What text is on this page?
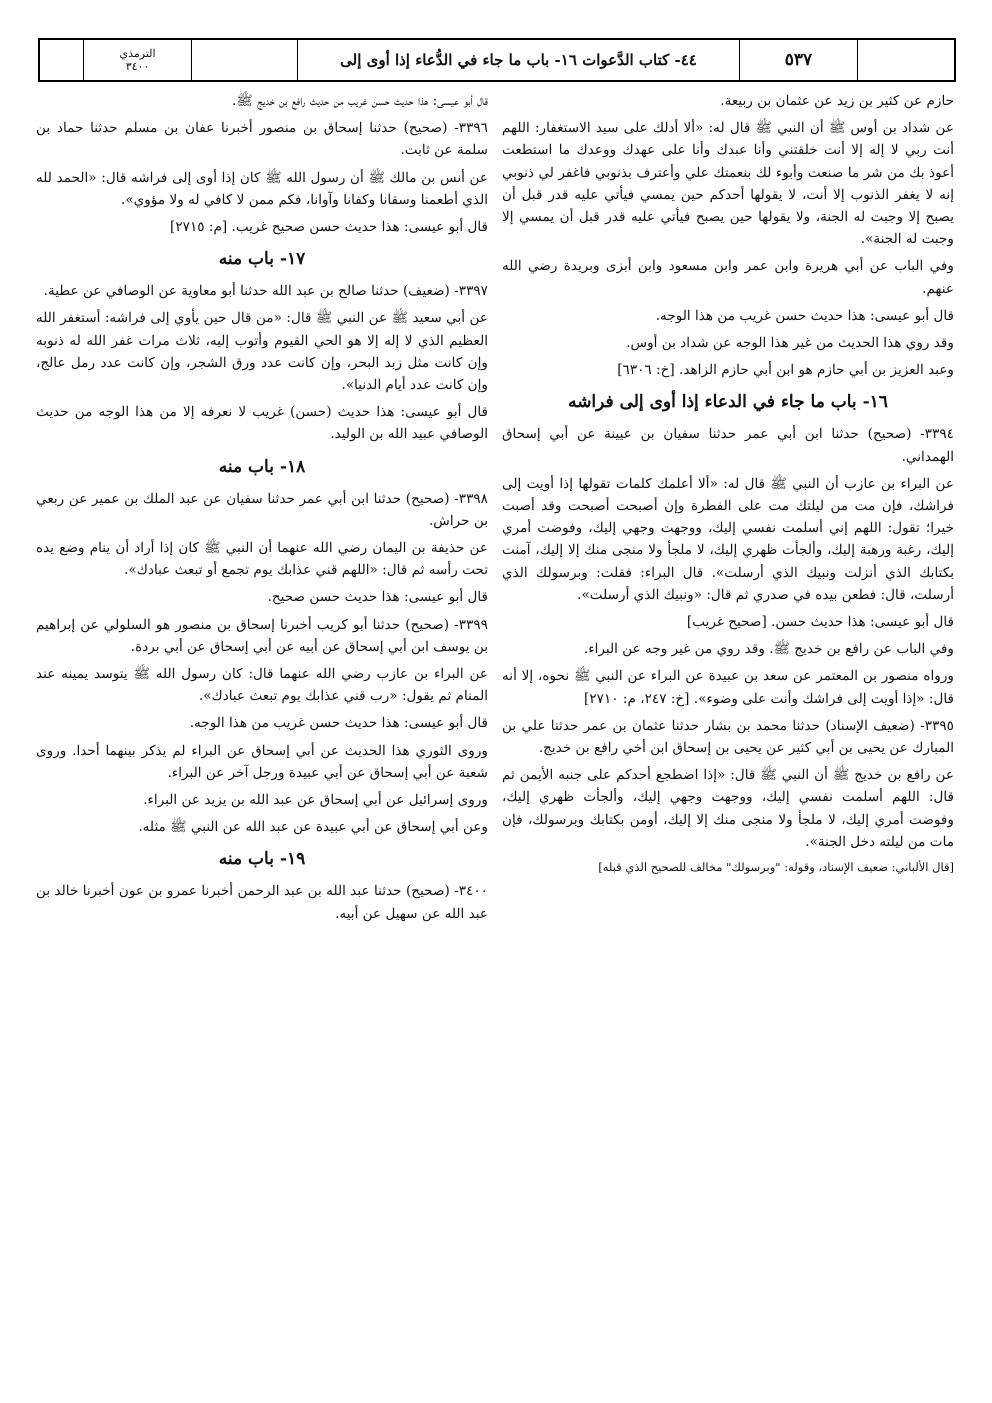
الترمذي
٣٤٠٠	٤٤- كتاب الدَّعوات ١٦- باب ما جاء في الدُّعاء إذا أوى إلى	٥٣٧
حازم عن كثير بن زيد عن عثمان بن ربيعة.
عن شداد بن أوس ﷺ أن النبي ﷺ قال له: «ألا أدلك على سيد الاستغفار: اللهم أنت ربي لا إله إلا أنت خلقتني وأنا عبدك وأنا على عهدك ووعدك ما استطعت أعوذ بك من شر ما صنعت وأبوء لك بنعمتك علي وأعترف بذنوبي فاغفر لي ذنوبي إنه لا يغفر الذنوب إلا أنت، لا يقولها أحدكم حين يمسي فيأتي عليه قدر قبل أن يصبح إلا وجبت له الجنة، ولا يقولها حين يصبح فيأتي عليه قدر قبل أن يمسي إلا وجبت له الجنة».
وفي الباب عن أبي هريرة وابن عمر وابن مسعود وابن أبزى وبريدة رضي الله عنهم.
قال أبو عيسى: هذا حديث حسن غريب من هذا الوجه.
وقد روي هذا الحديث من غير هذا الوجه عن شداد بن أوس.
وعبد العزيز بن أبي حازم هو ابن أبي حازم الزاهد. [خ: ٦٣٠٦]
١٦- باب ما جاء في الدعاء إذا أوى إلى فراشه
٣٣٩٤- (صحيح) حدثنا ابن أبي عمر حدثنا سفيان بن عيينة عن أبي إسحاق الهمداني.
عن البراء بن عازب أن النبي ﷺ قال له: «ألا أعلمك كلمات تقولها إذا أويت إلى فراشك، فإن مت من ليلتك مت على الفطرة وإن أصبحت أصبحت وقد أصبت خيرا؛ تقول: اللهم إني أسلمت نفسي إليك، ووجهت وجهي إليك، وفوضت أمري إليك، رغبة ورهبة إليك، وألجأت ظهري إليك، لا ملجأ ولا منجى منك إلا إليك، آمنت بكتابك الذي أنزلت ونبيك الذي أرسلت». قال البراء: فقلت: وبرسولك الذي أرسلت، قال: فطعن بيده في صدري ثم قال: «ونبيك الذي أرسلت».
قال أبو عيسى: هذا حديث حسن. [صحيح غريب]
وفي الباب عن رافع بن خديج ﷺ. وقد روي من غير وجه عن البراء.
ورواه منصور بن المعتمر عن سعد بن عبيدة عن البراء عن النبي ﷺ نحوه، إلا أنه قال: «إذا أويت إلى فراشك وأنت على وضوء». [خ: ٢٤٧، م: ٢٧١٠]
٣٣٩٥- (ضعيف الإسناد) حدثنا محمد بن بشار حدثنا عثمان بن عمر حدثنا علي بن المبارك عن يحيى بن أبي كثير عن يحيى بن إسحاق ابن أخي رافع بن خديج.
عن رافع بن خديج ﷺ أن النبي ﷺ قال: «إذا اضطجع أحدكم على جنبه الأيمن ثم قال: اللهم أسلمت نفسي إليك، ووجهت وجهي إليك، وألجأت ظهري إليك، وفوضت أمري إليك، لا ملجأ ولا منجى منك إلا إليك، أومن بكتابك وبرسولك، فإن مات من ليلته دخل الجنة».
[قال الألباني: ضعيف الإسناد، وقوله: "وبرسولك" مخالف للصحيح الذي قبله]
قال أبو عيسى: هذا حديث حسن غريب من حديث رافع بن خديج ﷺ.
٣٣٩٦- (صحيح) حدثنا إسحاق بن منصور أخبرنا عفان بن مسلم حدثنا حماد بن سلمة عن ثابت.
عن أنس بن مالك ﷺ أن رسول الله ﷺ كان إذا أوى إلى فراشه قال: «الحمد لله الذي أطعمنا وسقانا وكفانا وآوانا، فكم ممن لا كافي له ولا مؤوي».
قال أبو عيسى: هذا حديث حسن صحيح غريب. [م: ٢٧١٥]
١٧- باب منه
٣٣٩٧- (ضعيف) حدثنا صالح بن عبد الله حدثنا أبو معاوية عن الوصافي عن عطية.
عن أبي سعيد ﷺ عن النبي ﷺ قال: «من قال حين يأوي إلى فراشه: أستغفر الله العظيم الذي لا إله إلا هو الحي القيوم وأتوب إليه، ثلاث مرات غفر الله له ذنوبه وإن كانت مثل زبد البحر، وإن كانت عدد ورق الشجر، وإن كانت عدد رمل عالج، وإن كانت عدد أيام الدنيا».
قال أبو عيسى: هذا حديث (حسن) غريب لا نعرفه إلا من هذا الوجه من حديث الوصافي عبيد الله بن الوليد.
١٨- باب منه
٣٣٩٨- (صحيح) حدثنا ابن أبي عمر حدثنا سفيان عن عبد الملك بن عمير عن ربعي بن حراش.
عن حذيفة بن اليمان رضي الله عنهما أن النبي ﷺ كان إذا أراد أن ينام وضع يده تحت رأسه ثم قال: «اللهم قني عذابك يوم تجمع أو تبعث عبادك».
قال أبو عيسى: هذا حديث حسن صحيح.
٣٣٩٩- (صحيح) حدثنا أبو كريب أخبرنا إسحاق بن منصور هو السلولي عن إبراهيم بن يوسف ابن أبي إسحاق عن أبيه عن أبي إسحاق عن أبي بردة.
عن البراء بن عازب رضي الله عنهما قال: كان رسول الله ﷺ يتوسد يمينه عند المنام ثم يقول: «رب قني عذابك يوم تبعث عبادك».
قال أبو عيسى: هذا حديث حسن غريب من هذا الوجه.
وروى الثوري هذا الحديث عن أبي إسحاق عن البراء لم يذكر بينهما أحدا. وروى شعبة عن أبي إسحاق عن أبي عبيدة ورجل آخر عن البراء.
وروى إسرائيل عن أبي إسحاق عن عبد الله بن يزيد عن البراء.
وعن أبي إسحاق عن أبي عبيدة عن عبد الله عن النبي ﷺ مثله.
١٩- باب منه
٣٤٠٠- (صحيح) حدثنا عبد الله بن عبد الرحمن أخبرنا عمرو بن عون أخبرنا خالد بن عبد الله عن سهيل عن أبيه.
